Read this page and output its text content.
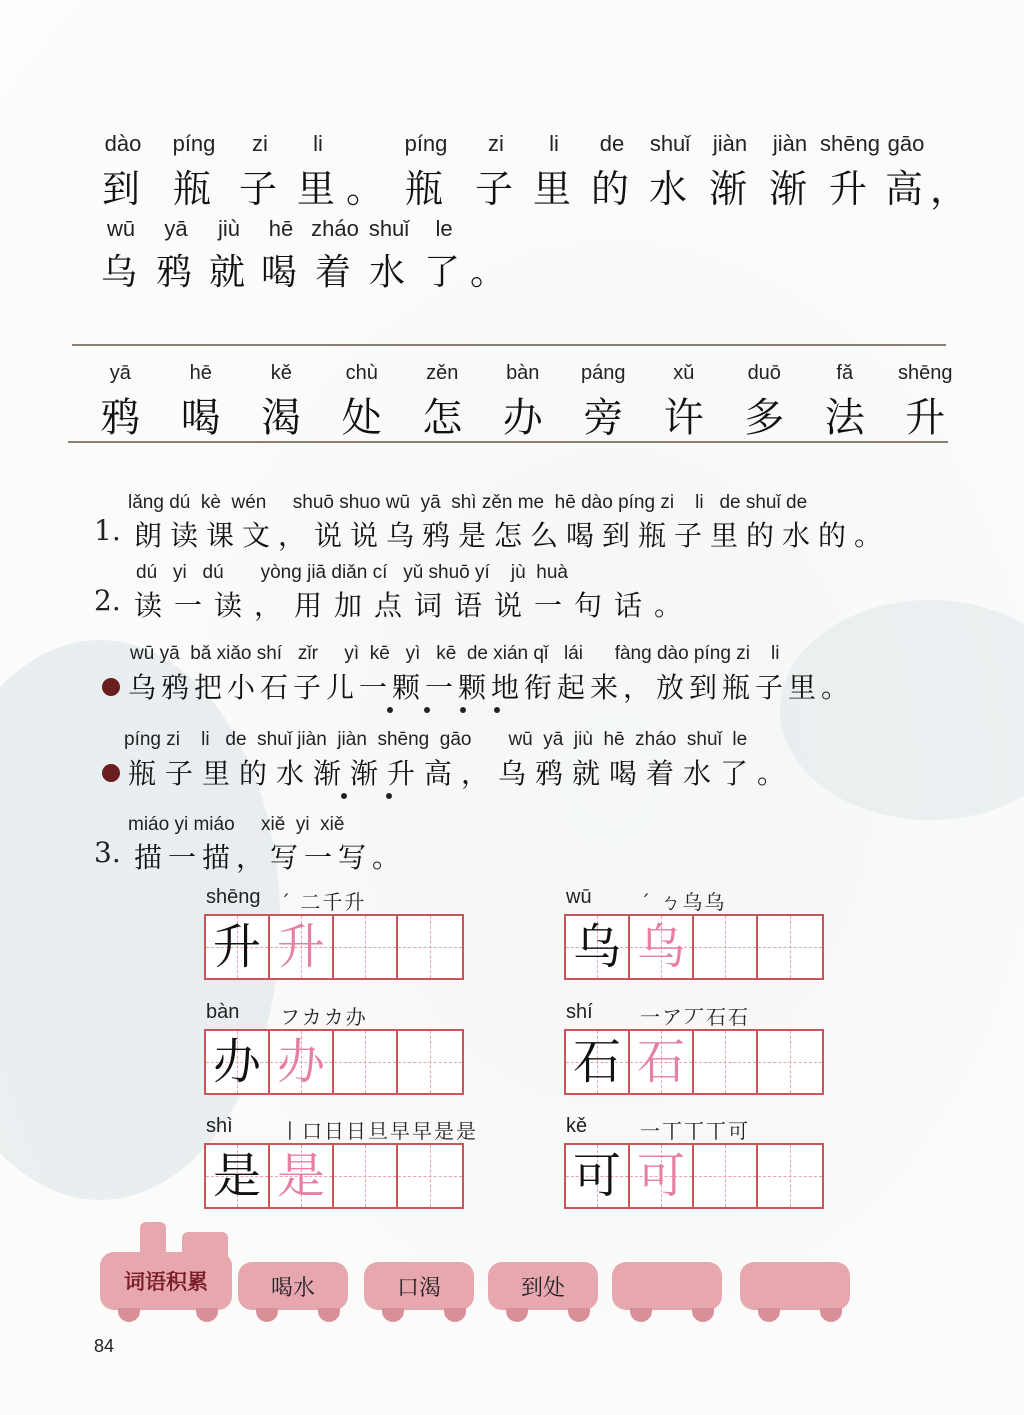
dào píng zi li	píng zi li de shuǐ jiàn jiàn shēng gāo
到 瓶 子 里 。 瓶 子 里 的 水 渐 渐 升 高 ，
wū yā jiù hē zháo shuǐ le
乌 鸦 就 喝 着 水 了 。
yā	hē	kě	chù zěn bàn páng xǔ	duō	fǎ shēng
鸦 喝 渴 处 怎 办 旁 许 多 法 升
lǎng dú  kè  wén     shuō shuo wū  yā  shì zěn me  hē dào píng zi    li   de shuǐ de
1. 朗读课文，说说乌鸦是怎么喝到瓶子里的水的。
dú   yi   dú       yòng jiā diǎn cí   yǔ shuō yí    jù  huà
2. 读一读，用加点词语说一句话。
wū yā  bǎ xiǎo shí   zǐr     yì  kē   yì   kē  de xián qǐ   lái      fàng dào píng zi    li
乌鸦把小石子儿一颗一颗地衔起来，放到瓶子里。
píng zi    li   de  shuǐ jiàn  jiàn  shēng  gāo       wū  yā  jiù  hē  zháo  shuǐ  le
瓶子里的水渐渐升高，乌鸦就喝着水了。
miáo yi miáo     xiě  yi  xiě
3. 描一描，写一写。
shēng ˊ 二千升
升 升
wū ˊ ㄅ乌乌
乌 乌
bàn フカカ办
办 办
shí 一ア丆石石
石 石
shì 丨口日日旦早早是是
是 是
kě	一丅丅丅可
可 可
词语积累	喝水	口渴	到处
84
